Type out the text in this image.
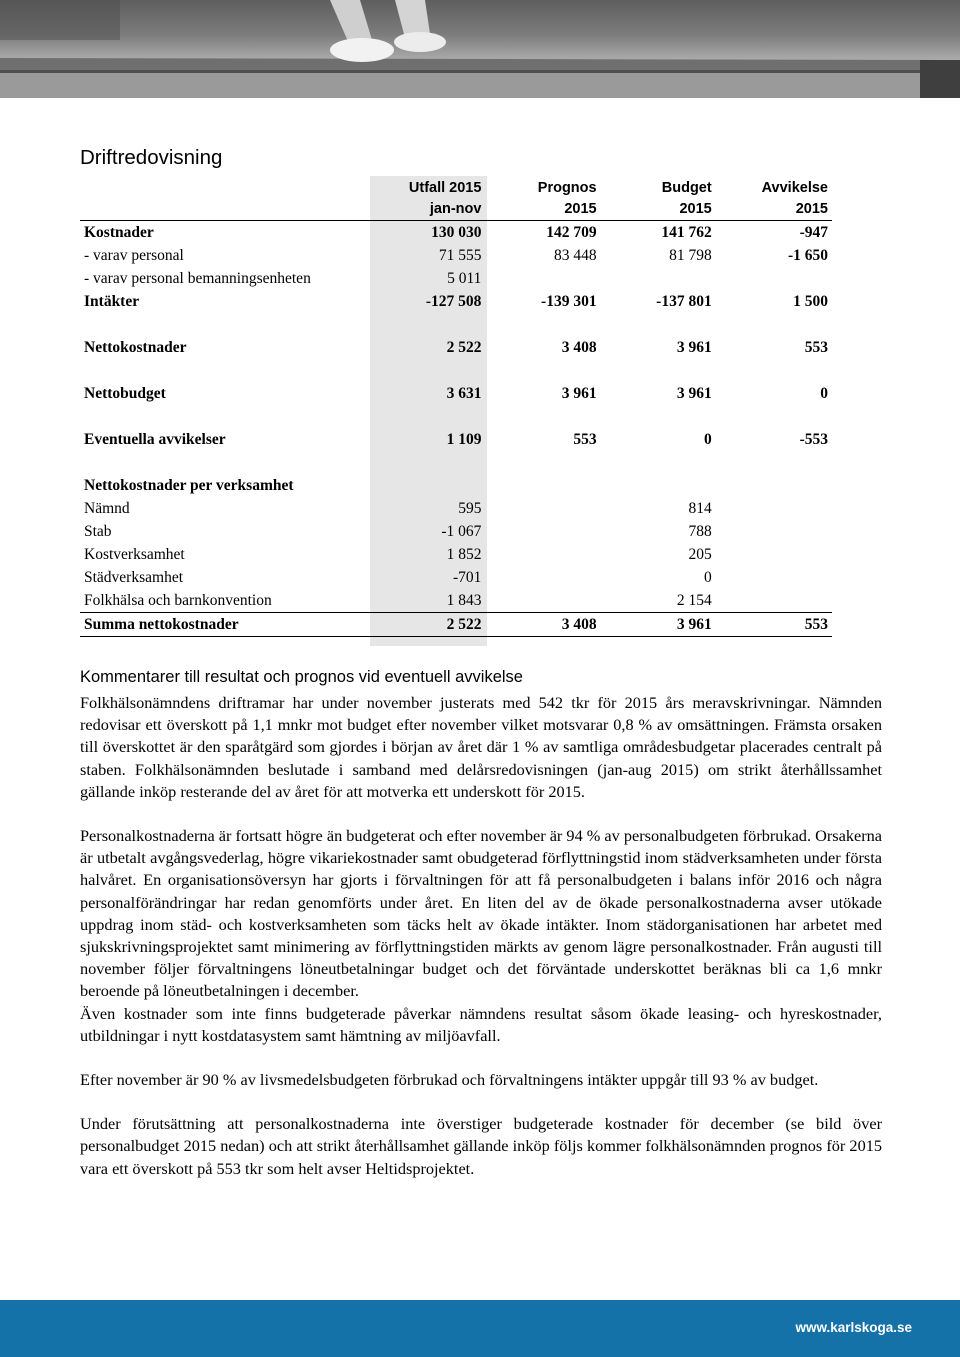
Driftredovisning
	Utfall 2015	Prognos	Budget	Avvikelse
	jan-nov	2015	2015	2015
Kostnader	130 030	142 709	141 762	-947
- varav personal	71 555	83 448	81 798	-1 650
- varav personal bemanningsenheten	5 011			
Intäkter	-127 508	-139 301	-137 801	1 500

Nettokostnader	2 522	3 408	3 961	553

Nettobudget	3 631	3 961	3 961	0

Eventuella avvikelser	1 109	553	0	-553

Nettokostnader per verksamhet				
Nämnd	595		814	
Stab	-1 067		788	
Kostverksamhet	1 852		205	
Städverksamhet	-701		0	
Folkhälsa och barnkonvention	1 843		2 154	
Summa nettokostnader	2 522	3 408	3 961	553
Kommentarer till resultat och prognos vid eventuell avvikelse

Folkhälsonämndens driftramar har under november justerats med 542 tkr för 2015 års meravskrivningar. Nämnden redovisar ett överskott på 1,1 mnkr mot budget efter november vilket motsvarar 0,8 % av omsättningen. Främsta orsaken till överskottet är den sparåtgärd som gjordes i början av året där 1 % av samtliga områdesbudgetar placerades centralt på staben. Folkhälsonämnden beslutade i samband med delårsredovisningen (jan-aug 2015) om strikt återhållssamhet gällande inköp resterande del av året för att motverka ett underskott för 2015.

Personalkostnaderna är fortsatt högre än budgeterat och efter november är 94 % av personalbudgeten förbrukad. Orsakerna är utbetalt avgångsvederlag, högre vikariekostnader samt obudgeterad förflyttningstid inom städverksamheten under första halvåret. En organisationsöversyn har gjorts i förvaltningen för att få personalbudgeten i balans inför 2016 och några personalförändringar har redan genomförts under året. En liten del av de ökade personalkostnaderna avser utökade uppdrag inom städ- och kostverksamheten som täcks helt av ökade intäkter. Inom städorganisationen har arbetet med sjukskrivningsprojektet samt minimering av förflyttningstiden märkts av genom lägre personalkostnader. Från augusti till november följer förvaltningens löneutbetalningar budget och det förväntade underskottet beräknas bli ca 1,6 mnkr beroende på löneutbetalningen i december.

Även kostnader som inte finns budgeterade påverkar nämndens resultat såsom ökade leasing- och hyreskostnader, utbildningar i nytt kostdatasystem samt hämtning av miljöavfall.

Efter november är 90 % av livsmedelsbudgeten förbrukad och förvaltningens intäkter uppgår till 93 % av budget.

Under förutsättning att personalkostnaderna inte överstiger budgeterade kostnader för december (se bild över personalbudget 2015 nedan) och att strikt återhållsamhet gällande inköp följs kommer folkhälsonämnden prognos för 2015 vara ett överskott på 553 tkr som helt avser Heltidsprojektet.

www.karlskoga.se
